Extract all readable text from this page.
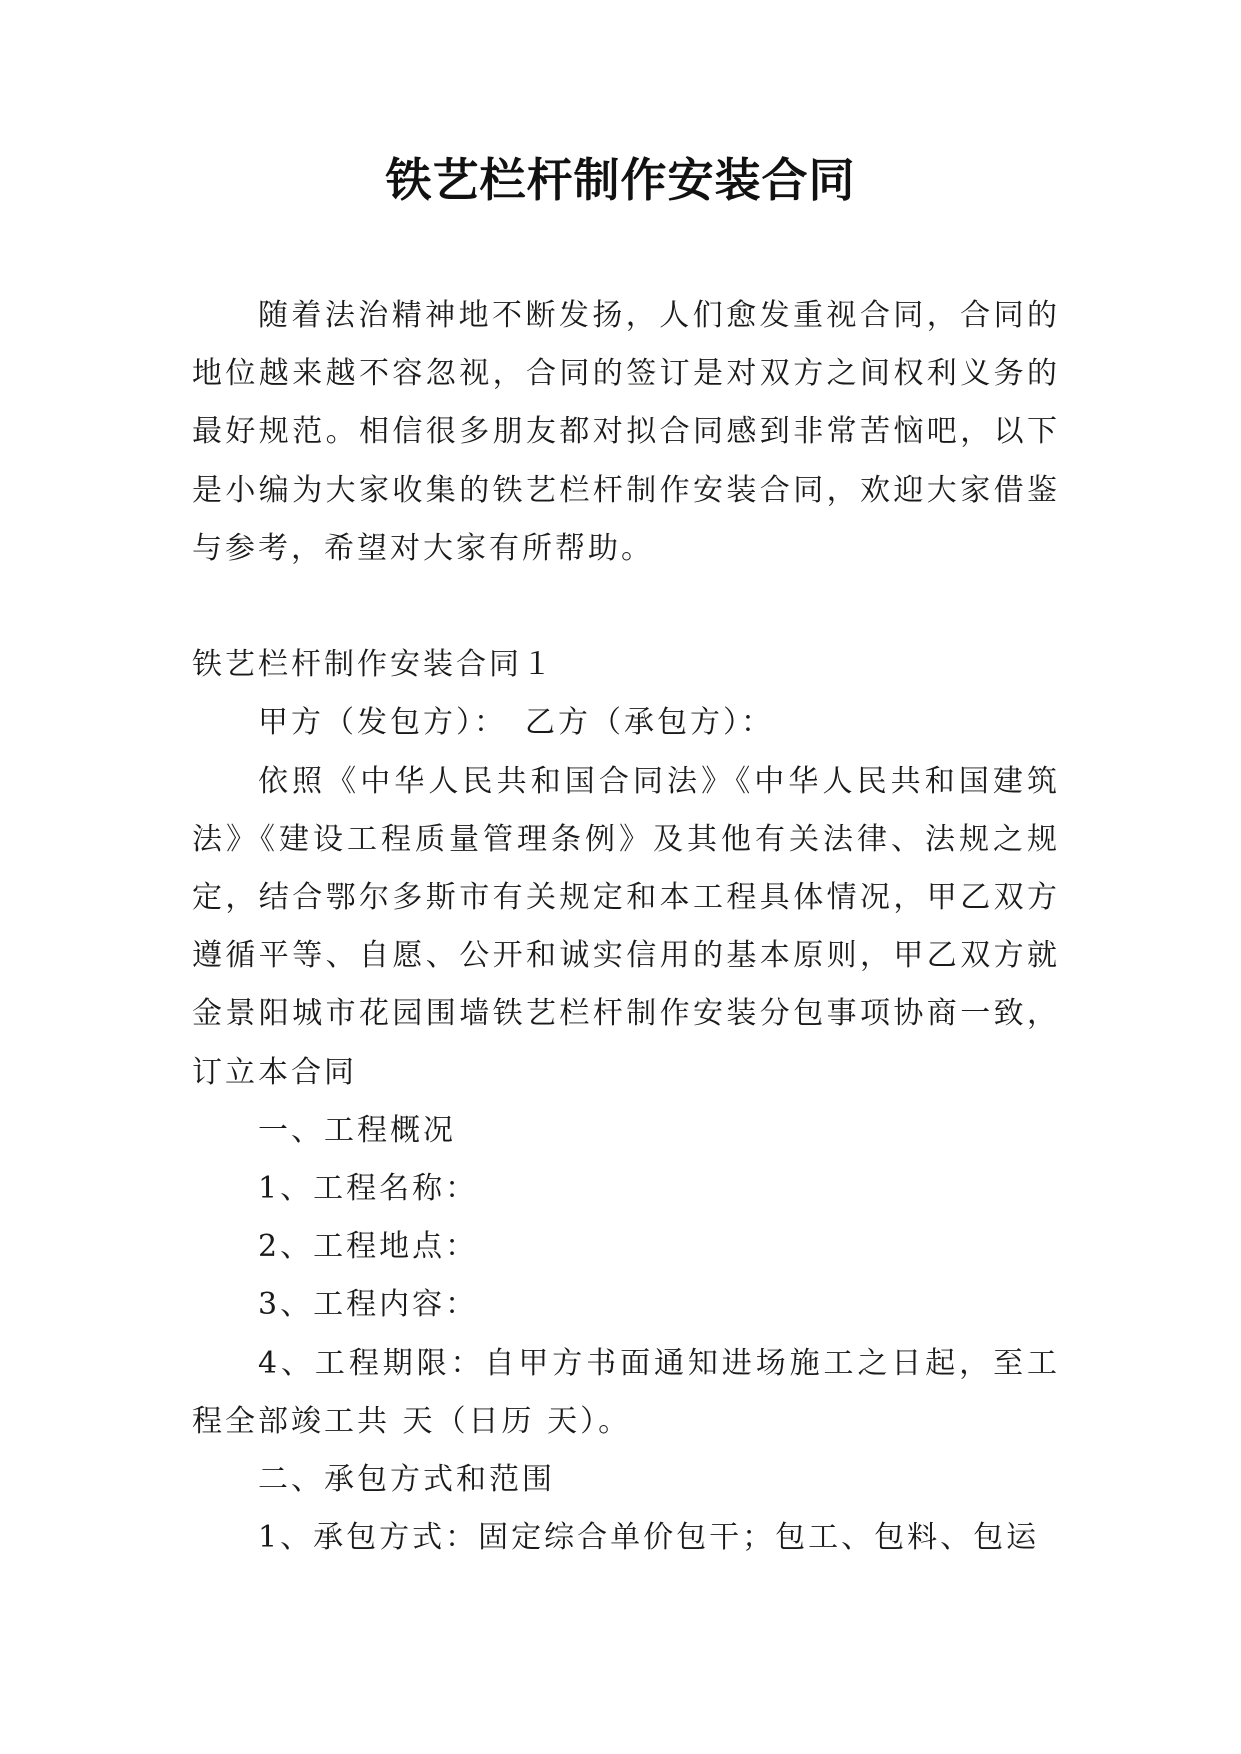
铁艺栏杆制作安装合同

随着法治精神地不断发扬，人们愈发重视合同，合同的地位越来越不容忽视，合同的签订是对双方之间权利义务的最好规范。相信很多朋友都对拟合同感到非常苦恼吧，以下是小编为大家收集的铁艺栏杆制作安装合同，欢迎大家借鉴与参考，希望对大家有所帮助。

铁艺栏杆制作安装合同１

甲方（发包方）：　乙方（承包方）：

依照《中华人民共和国合同法》《中华人民共和国建筑法》《建设工程质量管理条例》及其他有关法律、法规之规定，结合鄂尔多斯市有关规定和本工程具体情况，甲乙双方遵循平等、自愿、公开和诚实信用的基本原则，甲乙双方就金景阳城市花园围墙铁艺栏杆制作安装分包事项协商一致，订立本合同

一、工程概况

1、工程名称：

2、工程地点：

3、工程内容：

4、工程期限：自甲方书面通知进场施工之日起，至工程全部竣工共 天（日历 天）。

二、承包方式和范围

1、承包方式：固定综合单价包干；包工、包料、包运
